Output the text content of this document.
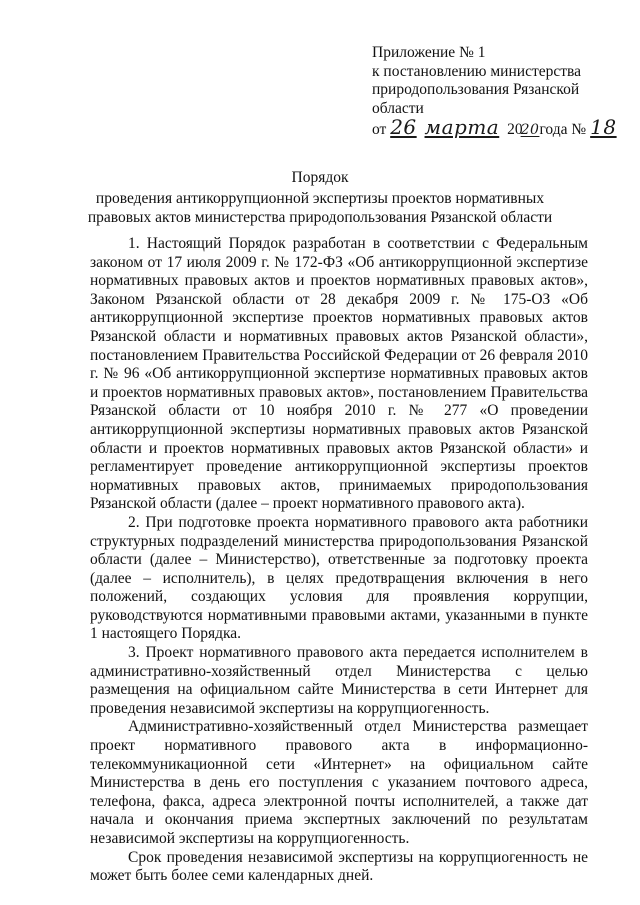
Приложение № 1
к постановлению министерства
природопользования Рязанской
области
от 26 марта 2020года № 18
Порядок
проведения антикоррупционной экспертизы проектов нормативных
правовых актов министерства природопользования Рязанской области

1. Настоящий Порядок разработан в соответствии с Федеральным законом от 17 июля 2009 г. № 172-ФЗ «Об антикоррупционной экспертизе нормативных правовых актов и проектов нормативных правовых актов», Законом Рязанской области от 28 декабря 2009 г. № 175-ОЗ «Об антикоррупционной экспертизе проектов нормативных правовых актов Рязанской области и нормативных правовых актов Рязанской области», постановлением Правительства Российской Федерации от 26 февраля 2010 г. № 96 «Об антикоррупционной экспертизе нормативных правовых актов и проектов нормативных правовых актов», постановлением Правительства Рязанской области от 10 ноября 2010 г. № 277 «О проведении антикоррупционной экспертизы нормативных правовых актов Рязанской области и проектов нормативных правовых актов Рязанской области» и регламентирует проведение антикоррупционной экспертизы проектов нормативных правовых актов, принимаемых природопользования Рязанской области (далее – проект нормативного правового акта).

2. При подготовке проекта нормативного правового акта работники структурных подразделений министерства природопользования Рязанской области (далее – Министерство), ответственные за подготовку проекта (далее – исполнитель), в целях предотвращения включения в него положений, создающих условия для проявления коррупции, руководствуются нормативными правовыми актами, указанными в пункте 1 настоящего Порядка.

3. Проект нормативного правового акта передается исполнителем в административно-хозяйственный отдел Министерства с целью размещения на официальном сайте Министерства в сети Интернет для проведения независимой экспертизы на коррупциогенность.

Административно-хозяйственный отдел Министерства размещает проект нормативного правового акта в информационно-телекоммуникационной сети «Интернет» на официальном сайте Министерства в день его поступления с указанием почтового адреса, телефона, факса, адреса электронной почты исполнителей, а также дат начала и окончания приема экспертных заключений по результатам независимой экспертизы на коррупциогенность.

Срок проведения независимой экспертизы на коррупциогенность не может быть более семи календарных дней.
